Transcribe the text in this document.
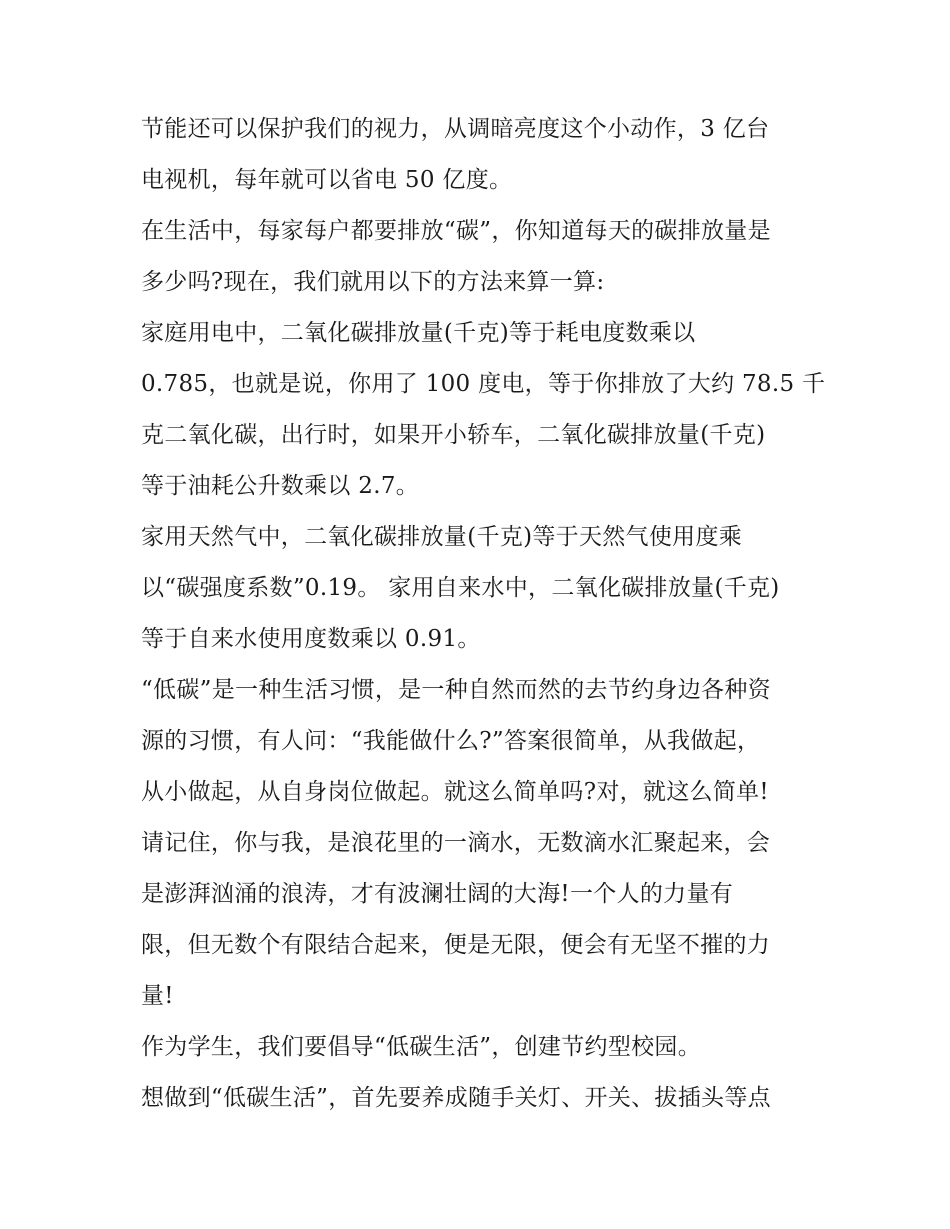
节能还可以保护我们的视力，从调暗亮度这个小动作，3 亿台
电视机，每年就可以省电 50 亿度。
在生活中，每家每户都要排放“碳”，你知道每天的碳排放量是
多少吗?现在，我们就用以下的方法来算一算:
家庭用电中，二氧化碳排放量(千克)等于耗电度数乘以
0.785，也就是说，你用了 100 度电，等于你排放了大约 78.5 千
克二氧化碳，出行时，如果开小轿车，二氧化碳排放量(千克)
等于油耗公升数乘以 2.7。
家用天然气中，二氧化碳排放量(千克)等于天然气使用度乘
以“碳强度系数”0.19。 家用自来水中，二氧化碳排放量(千克)
等于自来水使用度数乘以 0.91。
“低碳”是一种生活习惯，是一种自然而然的去节约身边各种资
源的习惯，有人问：“我能做什么?”答案很简单，从我做起，
从小做起，从自身岗位做起。就这么简单吗?对，就这么简单!
请记住，你与我，是浪花里的一滴水，无数滴水汇聚起来，会
是澎湃汹涌的浪涛，才有波澜壮阔的大海!一个人的力量有
限，但无数个有限结合起来，便是无限，便会有无坚不摧的力
量!
作为学生，我们要倡导“低碳生活”，创建节约型校园。
想做到“低碳生活”，首先要养成随手关灯、开关、拔插头等点
